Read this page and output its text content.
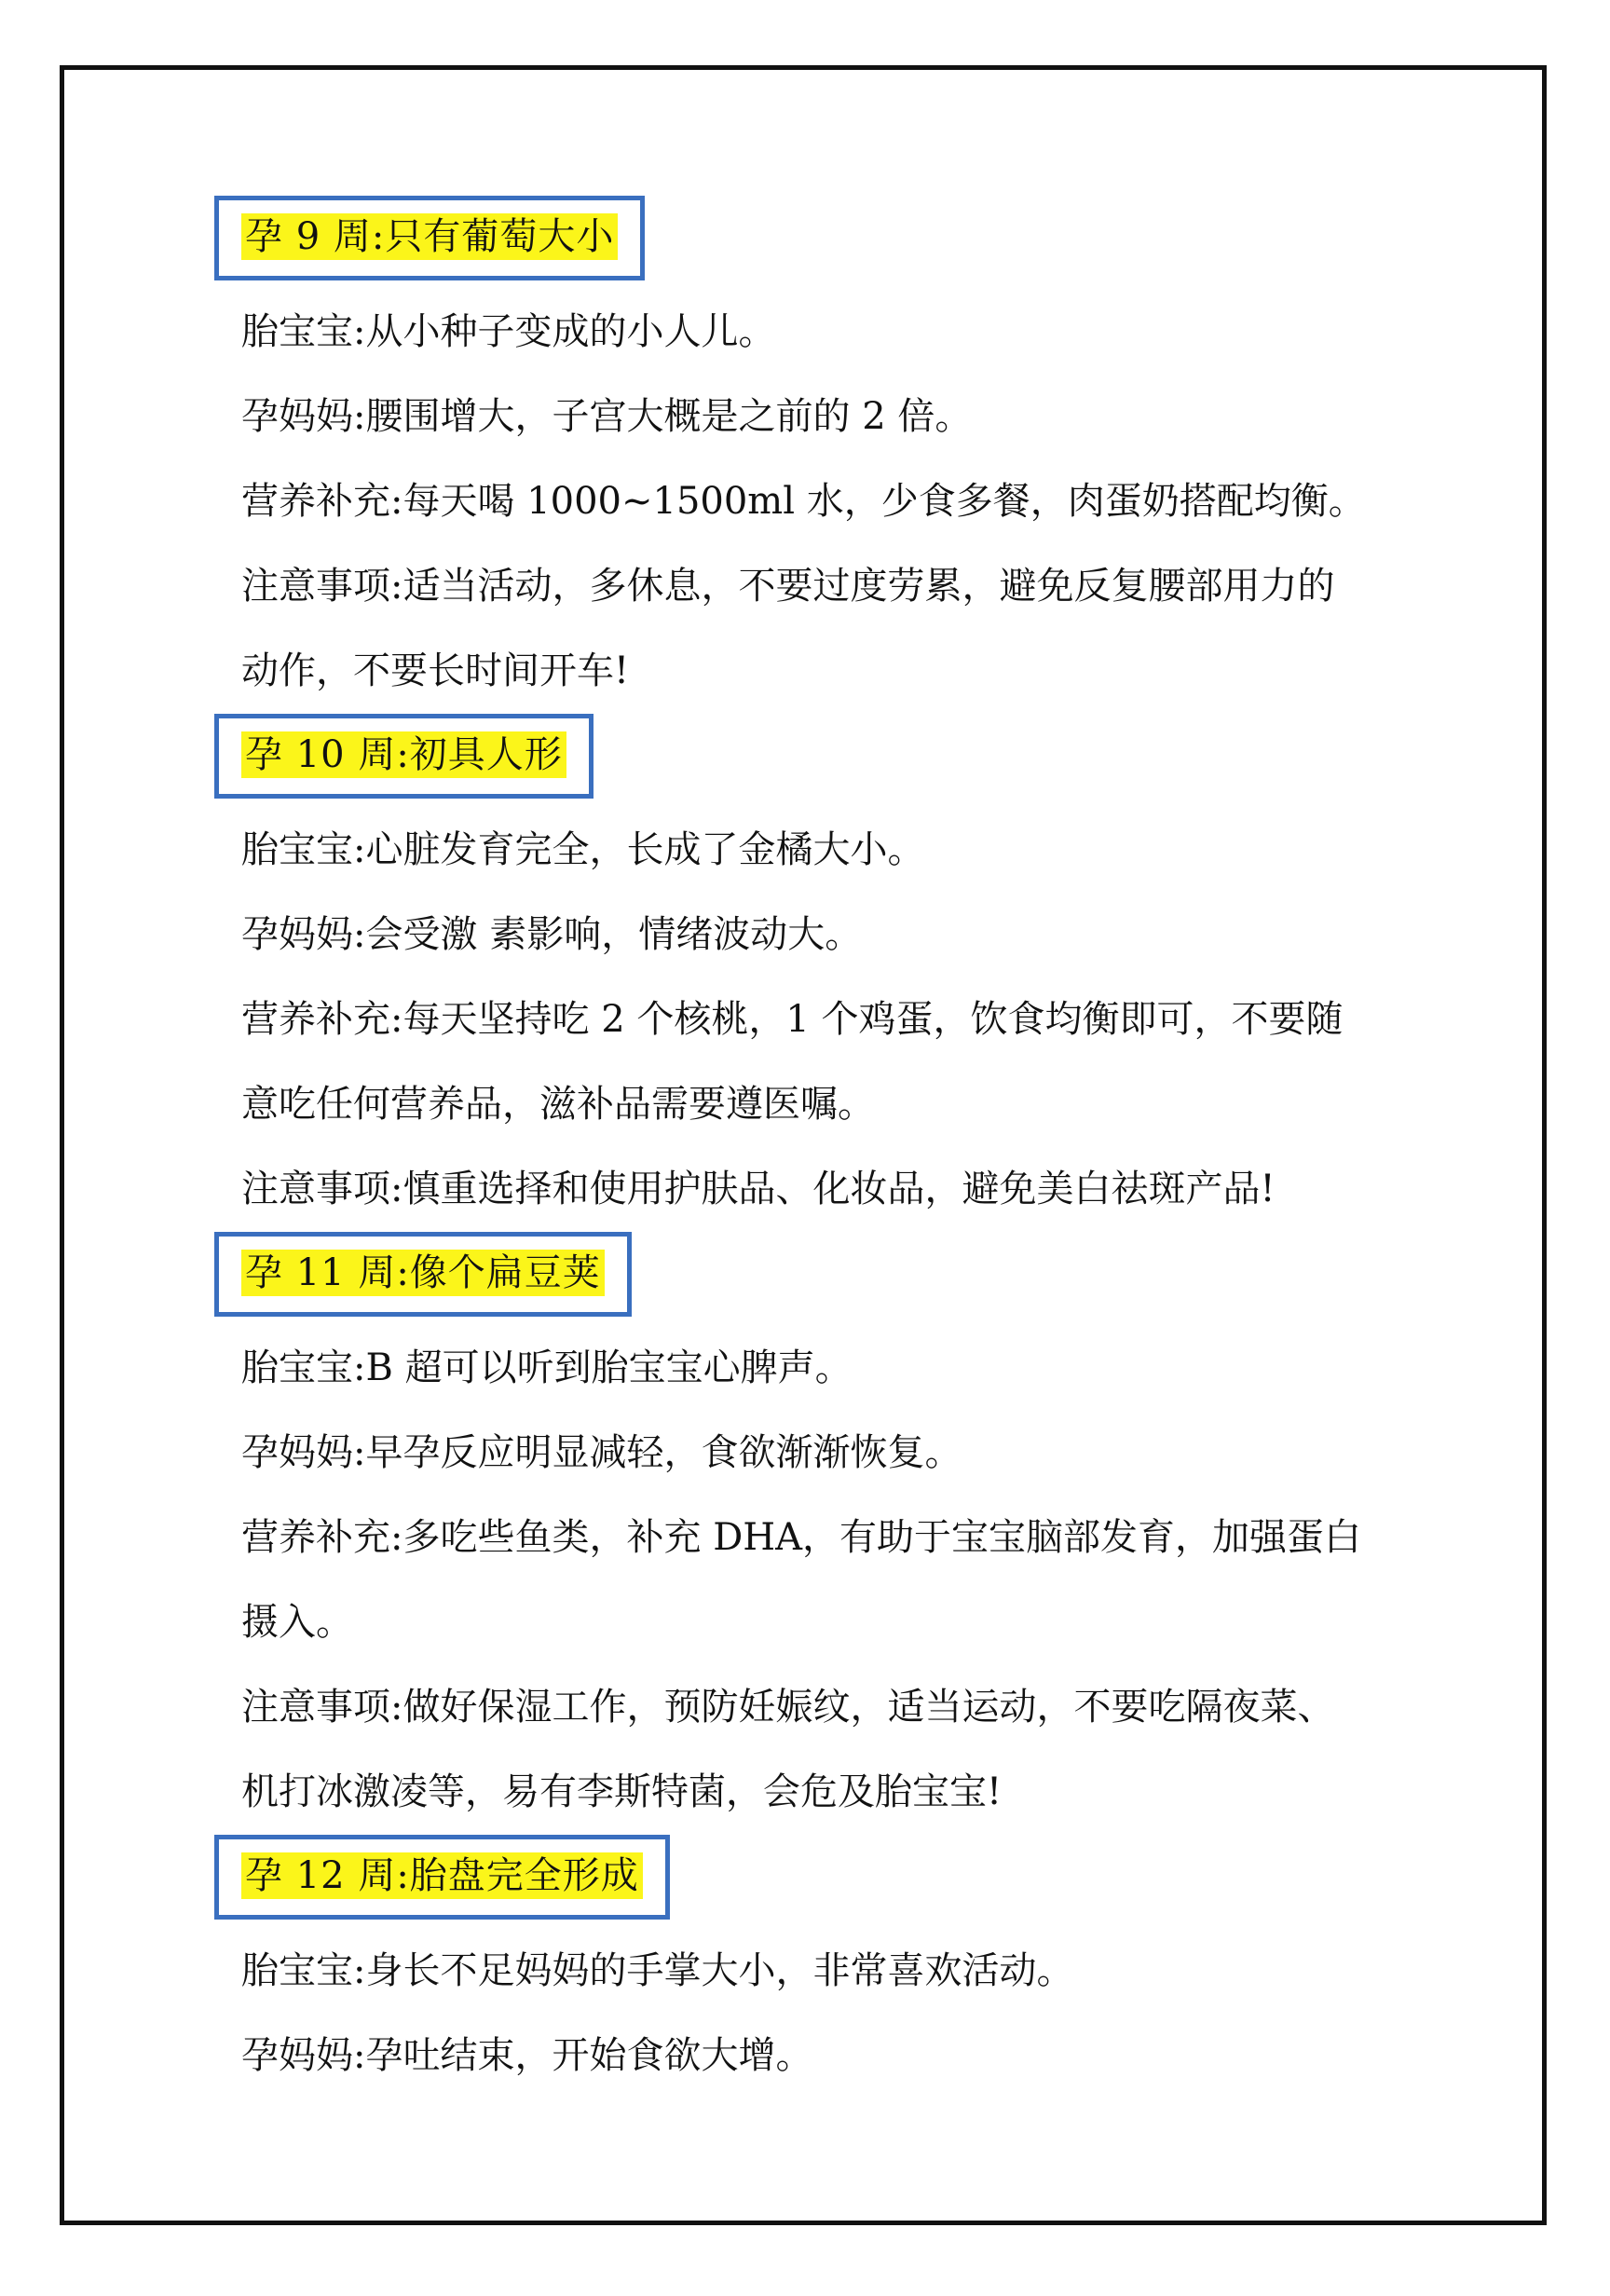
孕 9 周:只有葡萄大小

胎宝宝:从小种子变成的小人儿。

孕妈妈:腰围增大，子宫大概是之前的 2 倍。

营养补充:每天喝 1000~1500ml 水，少食多餐，肉蛋奶搭配均衡。

注意事项:适当活动，多休息，不要过度劳累，避免反复腰部用力的

动作，不要长时间开车!

孕 10 周:初具人形

胎宝宝:心脏发育完全，长成了金橘大小。

孕妈妈:会受激 素影响，情绪波动大。

营养补充:每天坚持吃 2 个核桃，1 个鸡蛋，饮食均衡即可，不要随

意吃任何营养品，滋补品需要遵医嘱。

注意事项:慎重选择和使用护肤品、化妆品，避免美白祛斑产品!

孕 11 周:像个扁豆荚

胎宝宝:B 超可以听到胎宝宝心脾声。

孕妈妈:早孕反应明显减轻，食欲渐渐恢复。

营养补充:多吃些鱼类，补充 DHA，有助于宝宝脑部发育，加强蛋白

摄入。

注意事项:做好保湿工作，预防妊娠纹，适当运动，不要吃隔夜菜、

机打冰激凌等，易有李斯特菌，会危及胎宝宝!

孕 12 周:胎盘完全形成

胎宝宝:身长不足妈妈的手掌大小，非常喜欢活动。

孕妈妈:孕吐结束，开始食欲大增。
